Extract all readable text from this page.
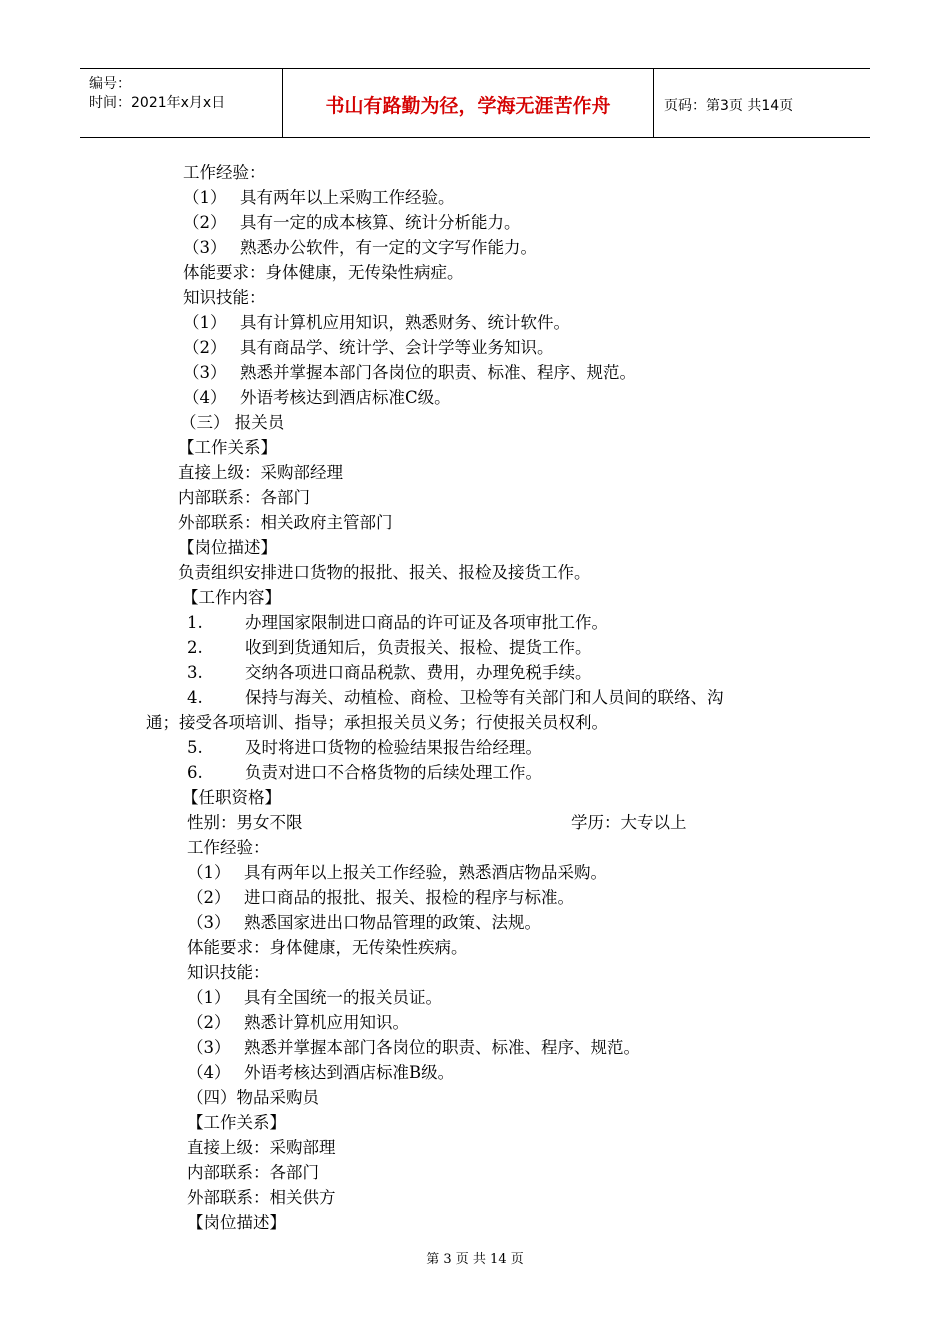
编号：
时间：2021年x月x日	书山有路勤为径，学海无涯苦作舟	页码：第3页 共14页
工作经验：
（1） 具有两年以上采购工作经验。
（2） 具有一定的成本核算、统计分析能力。
（3） 熟悉办公软件，有一定的文字写作能力。
体能要求：身体健康，无传染性病症。
知识技能：
（1） 具有计算机应用知识，熟悉财务、统计软件。
（2） 具有商品学、统计学、会计学等业务知识。
（3） 熟悉并掌握本部门各岗位的职责、标准、程序、规范。
（4） 外语考核达到酒店标准C级。
（三） 报关员
【工作关系】
直接上级：采购部经理
内部联系：各部门
外部联系：相关政府主管部门
【岗位描述】
负责组织安排进口货物的报批、报关、报检及接货工作。
【工作内容】
1.	办理国家限制进口商品的许可证及各项审批工作。
2.	收到到货通知后，负责报关、报检、提货工作。
3.	交纳各项进口商品税款、费用，办理免税手续。
4.	保持与海关、动植检、商检、卫检等有关部门和人员间的联络、沟
通；接受各项培训、指导；承担报关员义务；行使报关员权利。
5.	及时将进口货物的检验结果报告给经理。
6.	负责对进口不合格货物的后续处理工作。
【任职资格】
性别：男女不限	学历：大专以上
工作经验：
（1） 具有两年以上报关工作经验，熟悉酒店物品采购。
（2） 进口商品的报批、报关、报检的程序与标准。
（3） 熟悉国家进出口物品管理的政策、法规。
体能要求：身体健康，无传染性疾病。
知识技能：
（1） 具有全国统一的报关员证。
（2） 熟悉计算机应用知识。
（3） 熟悉并掌握本部门各岗位的职责、标准、程序、规范。
（4） 外语考核达到酒店标准B级。
（四）物品采购员
【工作关系】
直接上级：采购部理
内部联系：各部门
外部联系：相关供方
【岗位描述】
第 3 页 共 14 页
